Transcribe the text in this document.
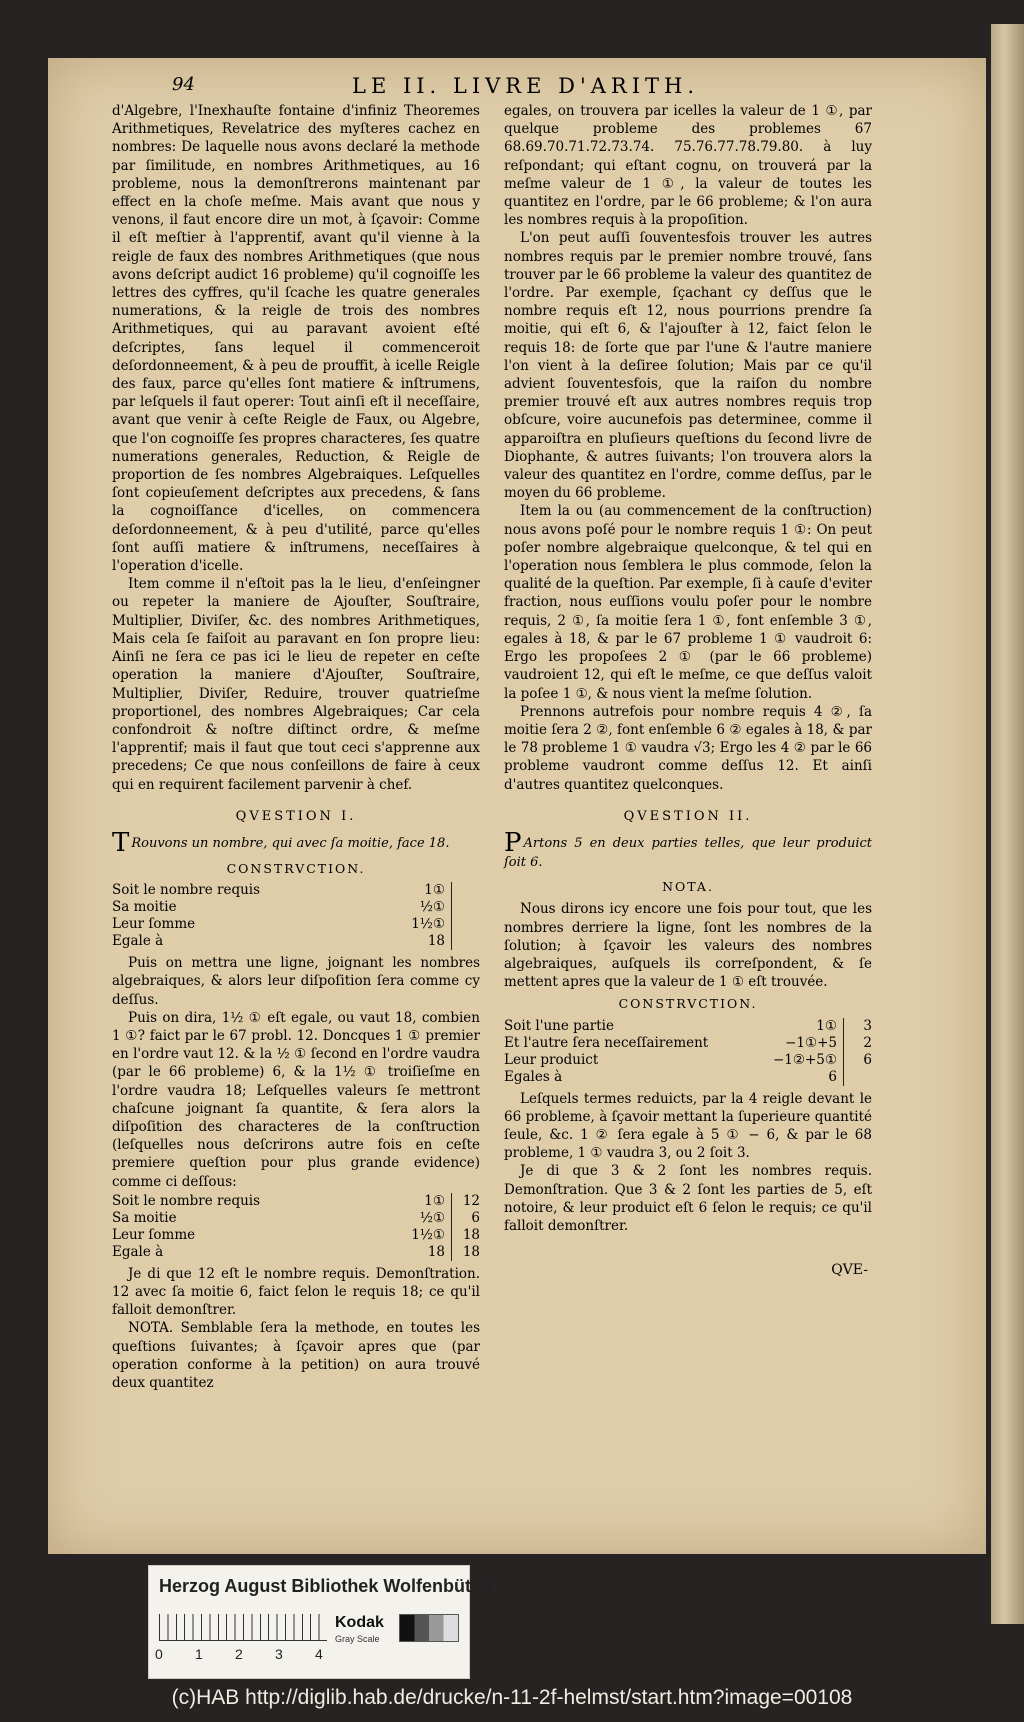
94	LE II. LIVRE D'ARITH.

d'Algebre, l'Inexhauſte fontaine d'infiniz Theoremes Arithmetiques, Revelatrice des myſteres cachez en nombres: De laquelle nous avons declaré la methode par ſimilitude, en nombres Arithmetiques, au 16 probleme, nous la demonſtrerons maintenant par effect en la choſe meſme. Mais avant que nous y venons, il faut encore dire un mot, à ſçavoir: Comme il eſt meſtier à l'apprentif, avant qu'il vienne à la reigle de faux des nombres Arithmetiques (que nous avons deſcript audict 16 probleme) qu'il cognoiſſe les lettres des cyffres, qu'il ſcache les quatre generales numerations, & la reigle de trois des nombres Arithmetiques, qui au paravant avoient eſté deſcriptes, ſans lequel il commenceroit deſordonneement, & à peu de prouffit, à icelle Reigle des faux, parce qu'elles ſont matiere & inſtrumens, par leſquels il faut operer: Tout ainſi eſt il neceſſaire, avant que venir à ceſte Reigle de Faux, ou Algebre, que l'on cognoiſſe ſes propres characteres, ſes quatre numerations generales, Reduction, & Reigle de proportion de ſes nombres Algebraiques. Leſquelles ſont copieuſement deſcriptes aux precedens, & ſans la cognoiſſance d'icelles, on commencera deſordonneement, & à peu d'utilité, parce qu'elles ſont auſſi matiere & inſtrumens, neceſſaires à l'operation d'icelle.

Item comme il n'eſtoit pas la le lieu, d'enſeingner ou repeter la maniere de Ajouſter, Souſtraire, Multiplier, Diviſer, &c. des nombres Arithmetiques, Mais cela ſe faiſoit au paravant en ſon propre lieu: Ainſi ne ſera ce pas ici le lieu de repeter en ceſte operation la maniere d'Ajouſter, Souſtraire, Multiplier, Diviſer, Reduire, trouver quatrieſme proportionel, des nombres Algebraiques; Car cela confondroit & noſtre diſtinct ordre, & meſme l'apprentif; mais il faut que tout ceci s'apprenne aux precedens; Ce que nous conſeillons de faire à ceux qui en requirent facilement parvenir à chef.

QVESTION I.
T Rouvons un nombre, qui avec ſa moitie, face 18.
CONSTRVCTION.
Soit le nombre requis	1①	
Sa moitie	½①	
Leur ſomme	1½①	
Egale à	18	

Puis on mettra une ligne, joignant les nombres algebraiques, & alors leur diſpoſition ſera comme cy deſſus.

Puis on dira, 1½ ① eſt egale, ou vaut 18, combien 1 ①? faict par le 67 probl. 12. Doncques 1 ① premier en l'ordre vaut 12. & la ½ ① ſecond en l'ordre vaudra (par le 66 probleme) 6, & la 1½ ① troiſieſme en l'ordre vaudra 18; Leſquelles valeurs ſe mettront chaſcune joignant ſa quantite, & ſera alors la diſpoſition des characteres de la conſtruction (leſquelles nous deſcrirons autre fois en ceſte premiere queſtion pour plus grande evidence) comme ci deſſous:

Soit le nombre requis	1①	12
Sa moitie	½①	6
Leur ſomme	1½①	18
Egale à	18	18

Je di que 12 eſt le nombre requis. Demonſtration. 12 avec ſa moitie 6, faict ſelon le requis 18; ce qu'il falloit demonſtrer.

NOTA. Semblable ſera la methode, en toutes les queſtions ſuivantes; à ſçavoir apres que (par operation conforme à la petition) on aura trouvé deux quantitez

egales, on trouvera par icelles la valeur de 1 ①, par quelque probleme des problemes 67 68.69.70.71.72.73.74. 75.76.77.78.79.80. à luy reſpondant; qui eſtant cognu, on trouverá par la meſme valeur de 1 ①, la valeur de toutes les quantitez en l'ordre, par le 66 probleme; & l'on aura les nombres requis à la propoſition.

L'on peut auſſi ſouventesfois trouver les autres nombres requis par le premier nombre trouvé, ſans trouver par le 66 probleme la valeur des quantitez de l'ordre. Par exemple, ſçachant cy deſſus que le nombre requis eſt 12, nous pourrions prendre ſa moitie, qui eſt 6, & l'ajouſter à 12, faict ſelon le requis 18: de ſorte que par l'une & l'autre maniere l'on vient à la deſiree ſolution; Mais par ce qu'il advient ſouventesfois, que la raiſon du nombre premier trouvé eſt aux autres nombres requis trop obſcure, voire aucunefois pas determinee, comme il apparoiſtra en pluſieurs queſtions du ſecond livre de Diophante, & autres ſuivants; l'on trouvera alors la valeur des quantitez en l'ordre, comme deſſus, par le moyen du 66 probleme.

Item la ou (au commencement de la conſtruction) nous avons poſé pour le nombre requis 1 ①: On peut poſer nombre algebraique quelconque, & tel qui en l'operation nous ſemblera le plus commode, ſelon la qualité de la queſtion. Par exemple, ſi à cauſe d'eviter fraction, nous euſſions voulu poſer pour le nombre requis, 2 ①, ſa moitie ſera 1 ①, font enſemble 3 ①, egales à 18, & par le 67 probleme 1 ① vaudroit 6: Ergo les propoſees 2 ① (par le 66 probleme) vaudroient 12, qui eſt le meſme, ce que deſſus valoit la poſee 1 ①, & nous vient la meſme ſolution.

Prennons autrefois pour nombre requis 4 ②, ſa moitie ſera 2 ②, font enſemble 6 ② egales à 18, & par le 78 probleme 1 ① vaudra √3; Ergo les 4 ② par le 66 probleme vaudront comme deſſus 12. Et ainſi d'autres quantitez quelconques.

QVESTION II.
P Artons 5 en deux parties telles, que leur produict ſoit 6.
NOTA.

Nous dirons icy encore une fois pour tout, que les nombres derriere la ligne, ſont les nombres de la ſolution; à ſçavoir les valeurs des nombres algebraiques, auſquels ils correſpondent, & ſe mettent apres que la valeur de 1 ① eſt trouvée.

CONSTRVCTION.
Soit l'une partie	1①	3
Et l'autre ſera neceſſairement	−1①+5	2
Leur produict	−1②+5①	6
Egales à	6	

Leſquels termes reduicts, par la 4 reigle devant le 66 probleme, à ſçavoir mettant la ſuperieure quantité ſeule, &c. 1 ② ſera egale à 5 ① − 6, & par le 68 probleme, 1 ① vaudra 3, ou 2 ſoit 3.

Je di que 3 & 2 ſont les nombres requis. Demonſtration. Que 3 & 2 ſont les parties de 5, eſt notoire, & leur produict eſt 6 ſelon le requis; ce qu'il falloit demonſtrer.

QVE-
Herzog August Bibliothek Wolfenbüttel
0 1 2 3 4
Kodak
Gray Scale
(c)HAB http://diglib.hab.de/drucke/n-11-2f-helmst/start.htm?image=00108
